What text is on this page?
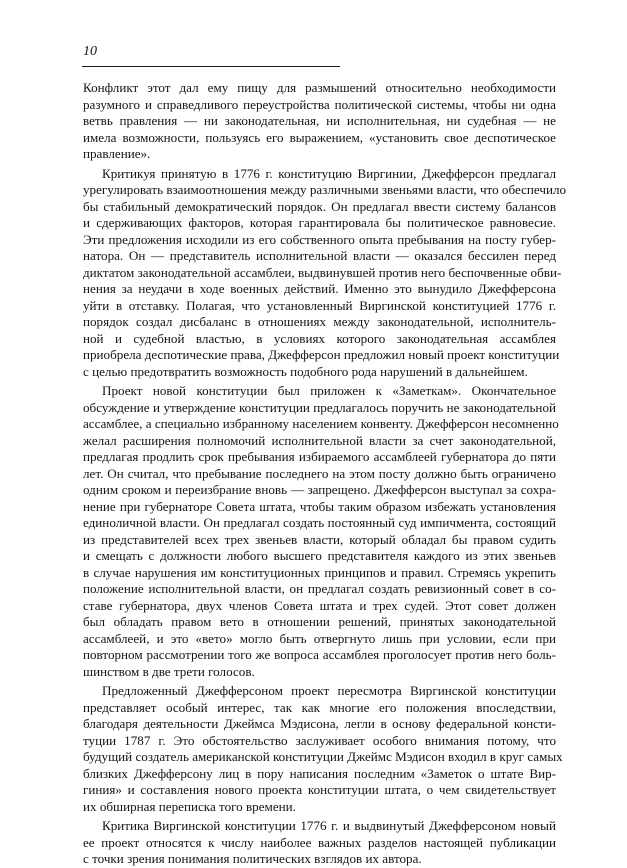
10
Конфликт этот дал ему пищу для размышений относительно необходимости
разумного и справедливого переустройства политической системы, чтобы ни одна
ветвь правления — ни законодательная, ни исполнительная, ни судебная — не
имела возможности, пользуясь его выражением, «установить свое деспотическое
правление».
Критикуя принятую в 1776 г. конституцию Виргинии, Джефферсон предлагал
урегулировать взаимоотношения между различными звеньями власти, что обеспечило
бы стабильный демократический порядок. Он предлагал ввести систему балансов
и сдерживающих факторов, которая гарантировала бы политическое равновесие.
Эти предложения исходили из его собственного опыта пребывания на посту губер-
натора. Он — представитель исполнительной власти — оказался бессилен перед
диктатом законодательной ассамблеи, выдвинувшей против него беспочвенные обви-
нения за неудачи в ходе военных действий. Именно это вынудило Джефферсона
уйти в отставку. Полагая, что установленный Виргинской конституцией 1776 г.
порядок создал дисбаланс в отношениях между законодательной, исполнитель-
ной и судебной властью, в условиях которого законодательная ассамблея
приобрела деспотические права, Джефферсон предложил новый проект конституции
с целью предотвратить возможность подобного рода нарушений в дальнейшем.
Проект новой конституции был приложен к «Заметкам». Окончательное
обсуждение и утверждение конституции предлагалось поручить не законодательной
ассамблее, а специально избранному населением конвенту. Джефферсон несомненно
желал расширения полномочий исполнительной власти за счет законодательной,
предлагая продлить срок пребывания избираемого ассамблеей губернатора до пяти
лет. Он считал, что пребывание последнего на этом посту должно быть ограничено
одним сроком и переизбрание вновь — запрещено. Джефферсон выступал за сохра-
нение при губернаторе Совета штата, чтобы таким образом избежать установления
единоличной власти. Он предлагал создать постоянный суд импичмента, состоящий
из представителей всех трех звеньев власти, который обладал бы правом судить
и смещать с должности любого высшего представителя каждого из этих звеньев
в случае нарушения им конституционных принципов и правил. Стремясь укрепить
положение исполнительной власти, он предлагал создать ревизионный совет в со-
ставе губернатора, двух членов Совета штата и трех судей. Этот совет должен
был обладать правом вето в отношении решений, принятых законодательной
ассамблеей, и это «вето» могло быть отвергнуто лишь при условии, если при
повторном рассмотрении того же вопроса ассамблея проголосует против него боль-
шинством в две трети голосов.
Предложенный Джефферсоном проект пересмотра Виргинской конституции
представляет особый интерес, так как многие его положения впоследствии,
благодаря деятельности Джеймса Мэдисона, легли в основу федеральной консти-
туции 1787 г. Это обстоятельство заслуживает особого внимания потому, что
будущий создатель американской конституции Джеймс Мэдисон входил в круг самых
близких Джефферсону лиц в пору написания последним «Заметок о штате Вир-
гиния» и составления нового проекта конституции штата, о чем свидетельствует
их обширная переписка того времени.
Критика Виргинской конституции 1776 г. и выдвинутый Джефферсоном новый
ее проект относятся к числу наиболее важных разделов настоящей публикации
с точки зрения понимания политических взглядов их автора.
